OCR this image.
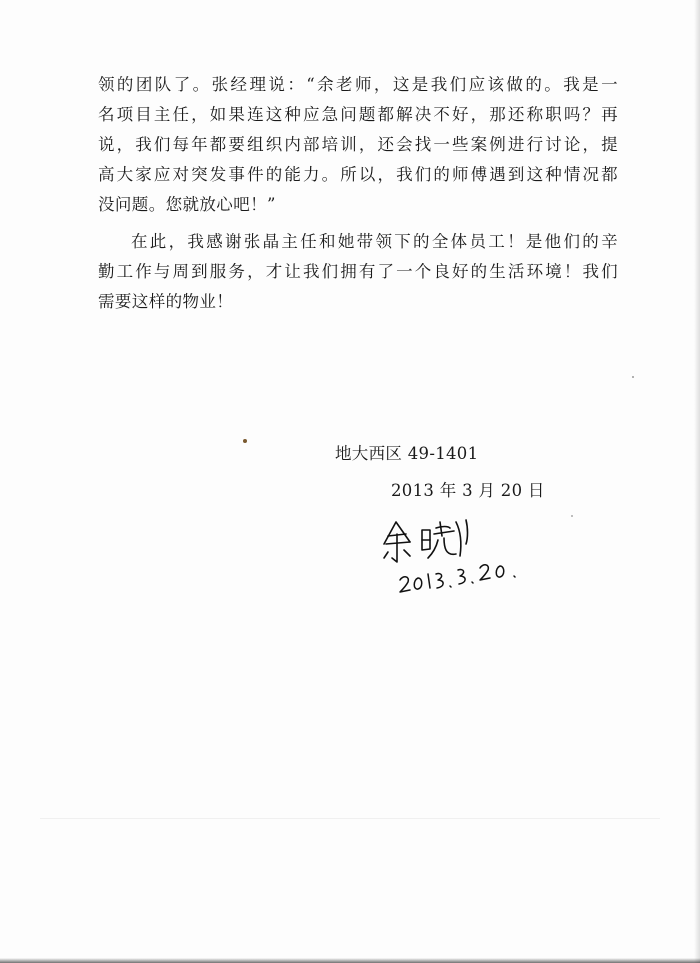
领的团队了。张经理说：“余老师，这是我们应该做的。我是一
名项目主任，如果连这种应急问题都解决不好，那还称职吗？再
说，我们每年都要组织内部培训，还会找一些案例进行讨论，提
高大家应对突发事件的能力。所以，我们的师傅遇到这种情况都
没问题。您就放心吧！”
在此，我感谢张晶主任和她带领下的全体员工！是他们的辛
勤工作与周到服务，才让我们拥有了一个良好的生活环境！我们
需要这样的物业！
地大西区 49-1401
2013 年 3 月 20 日
